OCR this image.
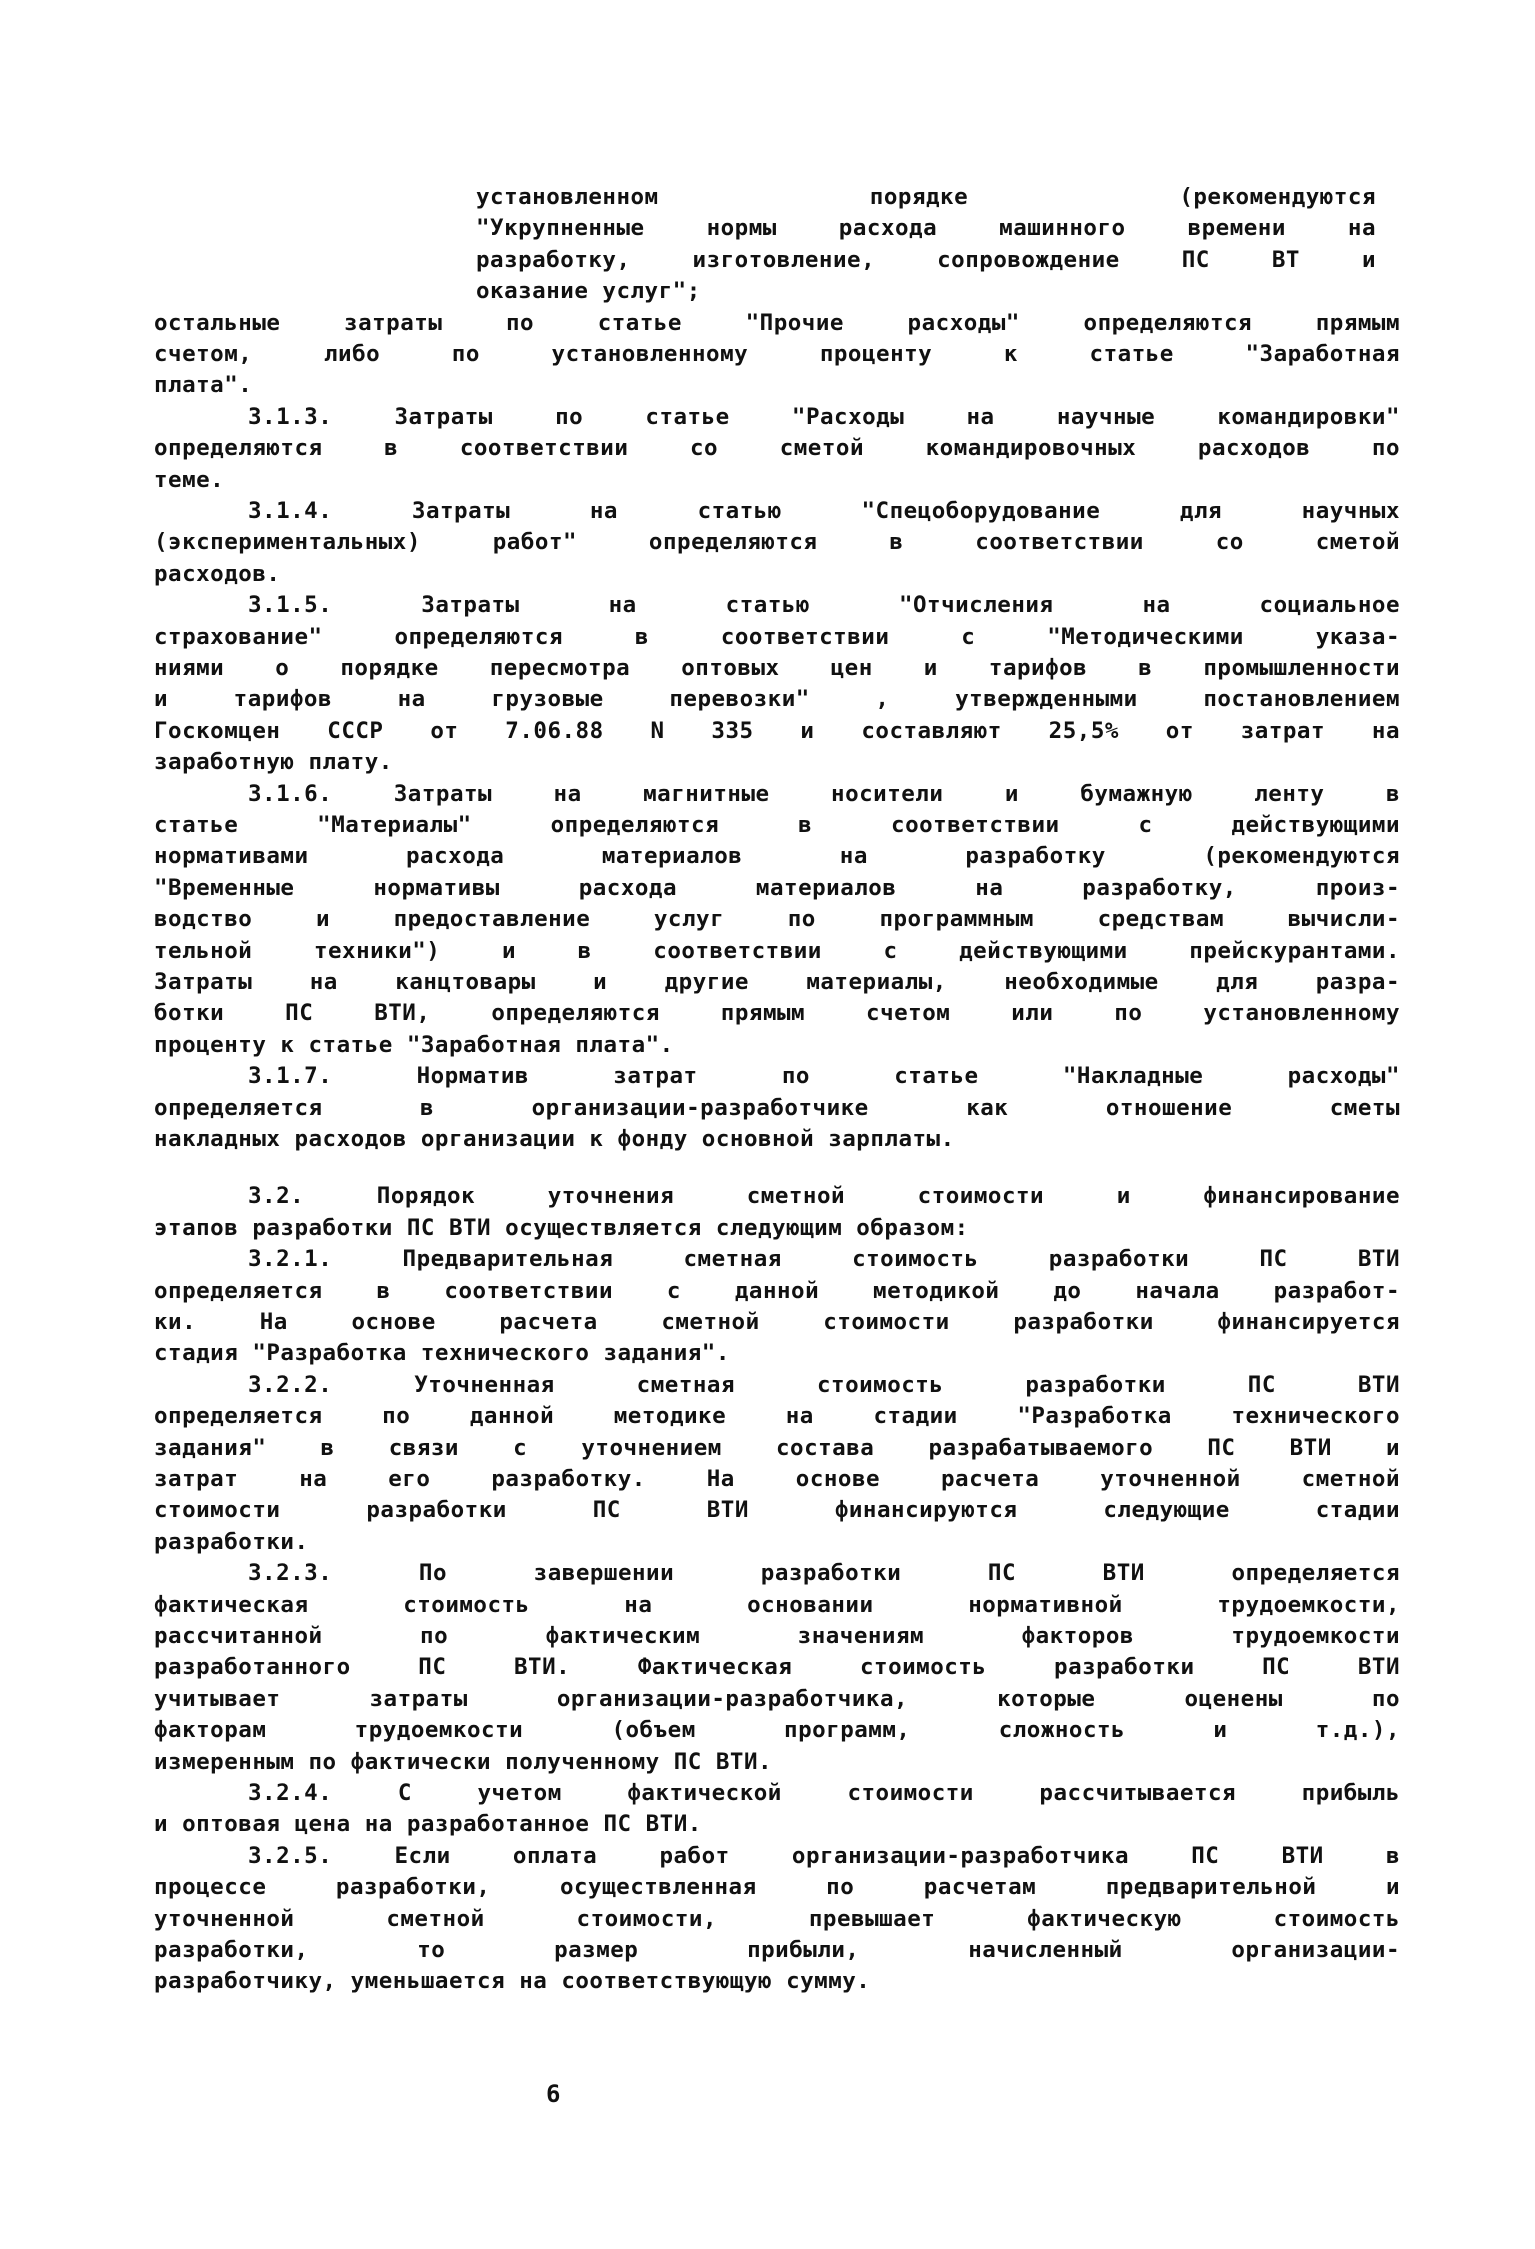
установленном порядке (рекомендуются
"Укрупненные нормы расхода машинного времени на
разработку, изготовление, сопровождение ПС ВТ и
оказание услуг";
остальные затраты по статье "Прочие расходы" определяются прямым
счетом, либо по установленному проценту к статье "Заработная
плата".
3.1.3. Затраты по статье "Расходы на научные командировки"
определяются в соответствии со сметой командировочных расходов по
теме.
3.1.4. Затраты на статью "Спецоборудование для научных
(экспериментальных) работ" определяются в соответствии со сметой
расходов.
3.1.5. Затраты на статью "Отчисления на социальное
страхование" определяются в соответствии с "Методическими указа-
ниями о порядке пересмотра оптовых цен и тарифов в промышленности
и тарифов на грузовые перевозки" , утвержденными постановлением
Госкомцен СССР от 7.06.88 N 335 и составляют 25,5% от затрат на
заработную плату.
3.1.6. Затраты на магнитные носители и бумажную ленту в
статье "Материалы" определяются в соответствии с действующими
нормативами расхода материалов на разработку (рекомендуются
"Временные нормативы расхода материалов на разработку, произ-
водство и предоставление услуг по программным средствам вычисли-
тельной техники") и в соответствии с действующими прейскурантами.
Затраты на канцтовары и другие материалы, необходимые для разра-
ботки ПС ВТИ, определяются прямым счетом или по установленному
проценту к статье "Заработная плата".
3.1.7. Норматив затрат по статье "Накладные расходы"
определяется в организации-разработчике как отношение сметы
накладных расходов организации к фонду основной зарплаты.
3.2. Порядок уточнения сметной стоимости и финансирование
этапов разработки ПС ВТИ осуществляется следующим образом:
3.2.1. Предварительная сметная стоимость разработки ПС ВТИ
определяется в соответствии с данной методикой до начала разработ-
ки. На основе расчета сметной стоимости разработки финансируется
стадия "Разработка технического задания".
3.2.2. Уточненная сметная стоимость разработки ПС ВТИ
определяется по данной методике на стадии "Разработка технического
задания" в связи с уточнением состава разрабатываемого ПС ВТИ и
затрат на его разработку. На основе расчета уточненной сметной
стоимости разработки ПС ВТИ финансируются следующие стадии
разработки.
3.2.3. По завершении разработки ПС ВТИ определяется
фактическая стоимость на основании нормативной трудоемкости,
рассчитанной по фактическим значениям факторов трудоемкости
разработанного ПС ВТИ. Фактическая стоимость разработки ПС ВТИ
учитывает затраты организации-разработчика, которые оценены по
факторам трудоемкости (объем программ, сложность и т.д.),
измеренным по фактически полученному ПС ВТИ.
3.2.4. С учетом фактической стоимости рассчитывается прибыль
и оптовая цена на разработанное ПС ВТИ.
3.2.5. Если оплата работ организации-разработчика ПС ВТИ в
процессе разработки, осуществленная по расчетам предварительной и
уточненной сметной стоимости, превышает фактическую стоимость
разработки, то размер прибыли, начисленный организации-
разработчику, уменьшается на соответствующую сумму.
6
